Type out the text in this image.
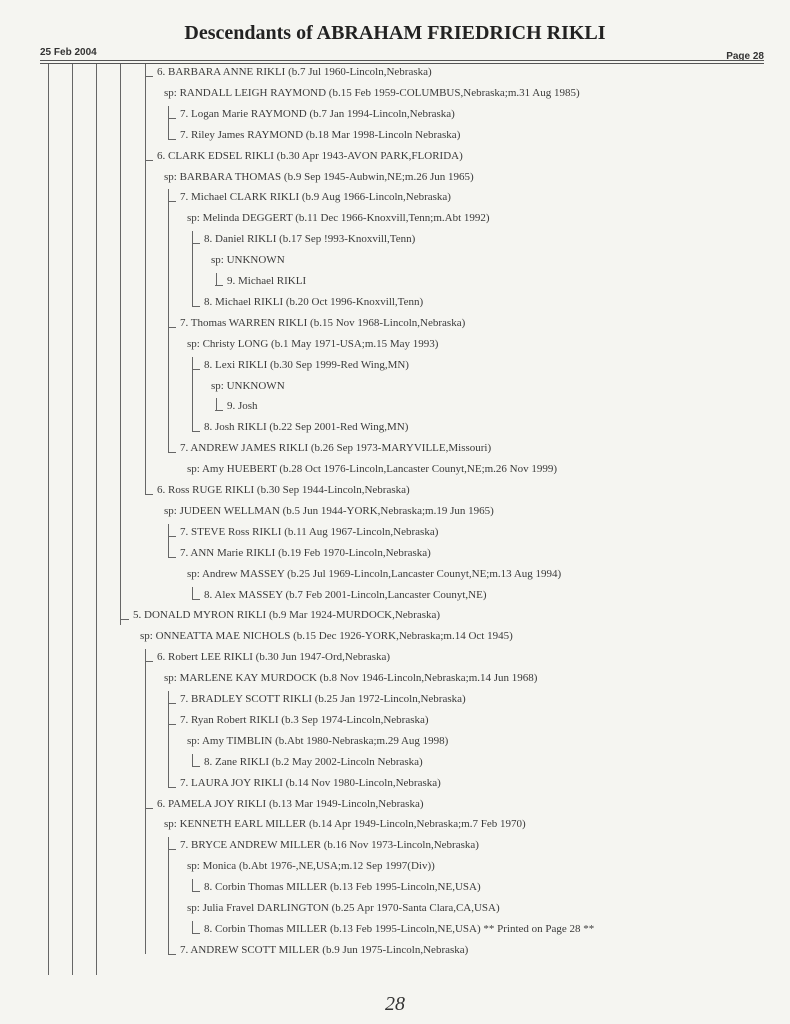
Descendants of ABRAHAM FRIEDRICH RIKLI
25 Feb 2004	Page 28
6. BARBARA ANNE RIKLI (b.7 Jul 1960-Lincoln,Nebraska)
sp: RANDALL LEIGH RAYMOND (b.15 Feb 1959-COLUMBUS,Nebraska;m.31 Aug 1985)
7. Logan Marie RAYMOND (b.7 Jan 1994-Lincoln,Nebraska)
7. Riley James RAYMOND (b.18 Mar 1998-Lincoln Nebraska)
6. CLARK EDSEL RIKLI (b.30 Apr 1943-AVON PARK,FLORIDA)
sp: BARBARA THOMAS (b.9 Sep 1945-Aubwin,NE;m.26 Jun 1965)
7. Michael CLARK RIKLI (b.9 Aug 1966-Lincoln,Nebraska)
sp: Melinda DEGGERT (b.11 Dec 1966-Knoxvill,Tenn;m.Abt 1992)
8. Daniel RIKLI (b.17 Sep !993-Knoxvill,Tenn)
sp: UNKNOWN
9. Michael RIKLI
8. Michael RIKLI (b.20 Oct 1996-Knoxvill,Tenn)
7. Thomas WARREN RIKLI (b.15 Nov 1968-Lincoln,Nebraska)
sp: Christy LONG (b.1 May 1971-USA;m.15 May 1993)
8. Lexi RIKLI (b.30 Sep 1999-Red Wing,MN)
sp: UNKNOWN
9. Josh
8. Josh RIKLI (b.22 Sep 2001-Red Wing,MN)
7. ANDREW JAMES RIKLI (b.26 Sep 1973-MARYVILLE,Missouri)
sp: Amy HUEBERT (b.28 Oct 1976-Lincoln,Lancaster Counyt,NE;m.26 Nov 1999)
6. Ross RUGE RIKLI (b.30 Sep 1944-Lincoln,Nebraska)
sp: JUDEEN WELLMAN (b.5 Jun 1944-YORK,Nebraska;m.19 Jun 1965)
7. STEVE Ross RIKLI (b.11 Aug 1967-Lincoln,Nebraska)
7. ANN Marie RIKLI (b.19 Feb 1970-Lincoln,Nebraska)
sp: Andrew MASSEY (b.25 Jul 1969-Lincoln,Lancaster Counyt,NE;m.13 Aug 1994)
8. Alex MASSEY (b.7 Feb 2001-Lincoln,Lancaster Counyt,NE)
5. DONALD MYRON RIKLI (b.9 Mar 1924-MURDOCK,Nebraska)
sp: ONNEATTA MAE NICHOLS (b.15 Dec 1926-YORK,Nebraska;m.14 Oct 1945)
6. Robert LEE RIKLI (b.30 Jun 1947-Ord,Nebraska)
sp: MARLENE KAY MURDOCK (b.8 Nov 1946-Lincoln,Nebraska;m.14 Jun 1968)
7. BRADLEY SCOTT RIKLI (b.25 Jan 1972-Lincoln,Nebraska)
7. Ryan Robert RIKLI (b.3 Sep 1974-Lincoln,Nebraska)
sp: Amy TIMBLIN (b.Abt 1980-Nebraska;m.29 Aug 1998)
8. Zane RIKLI (b.2 May 2002-Lincoln Nebraska)
7. LAURA JOY RIKLI (b.14 Nov 1980-Lincoln,Nebraska)
6. PAMELA JOY RIKLI (b.13 Mar 1949-Lincoln,Nebraska)
sp: KENNETH EARL MILLER (b.14 Apr 1949-Lincoln,Nebraska;m.7 Feb 1970)
7. BRYCE ANDREW MILLER (b.16 Nov 1973-Lincoln,Nebraska)
sp: Monica (b.Abt 1976-,NE,USA;m.12 Sep 1997(Div))
8. Corbin Thomas MILLER (b.13 Feb 1995-Lincoln,NE,USA)
sp: Julia Fravel DARLINGTON (b.25 Apr 1970-Santa Clara,CA,USA)
8. Corbin Thomas MILLER (b.13 Feb 1995-Lincoln,NE,USA) ** Printed on Page 28 **
7. ANDREW SCOTT MILLER (b.9 Jun 1975-Lincoln,Nebraska)
28
